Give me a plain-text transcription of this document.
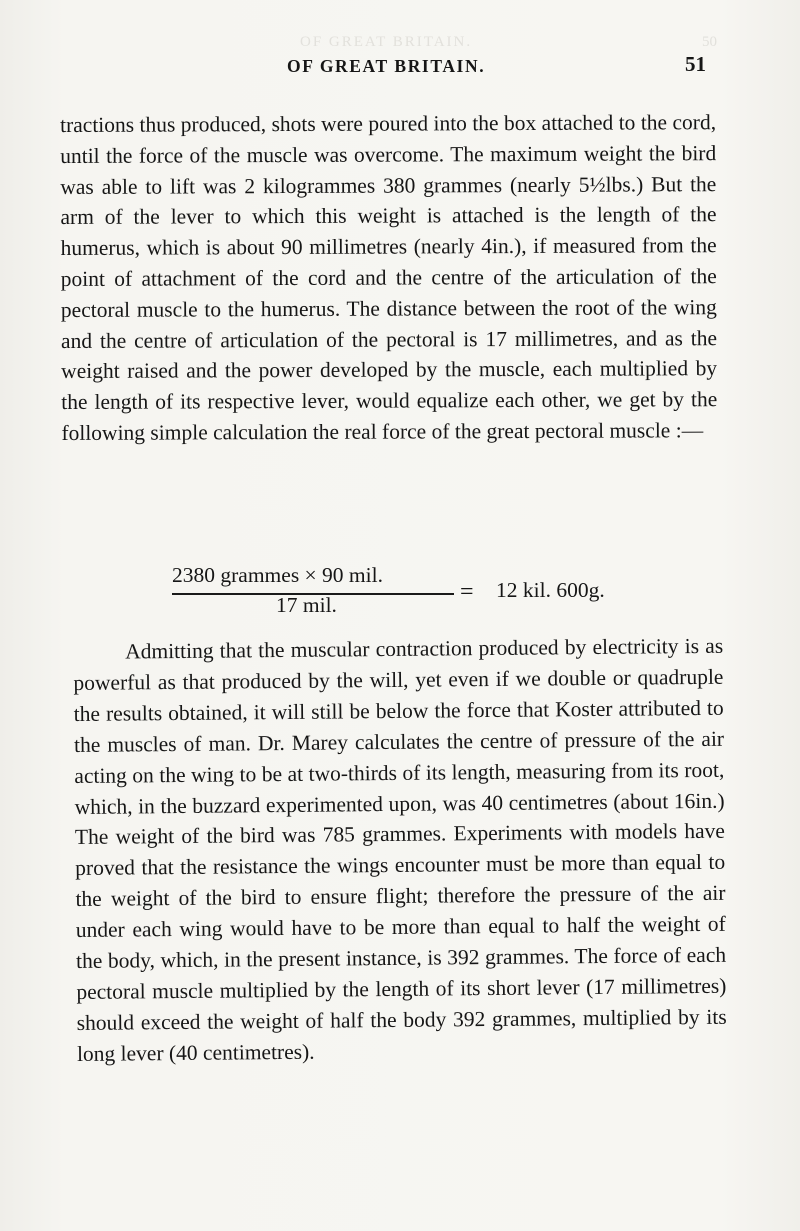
OF GREAT BRITAIN.	50
OF GREAT BRITAIN.	51

tractions thus produced, shots were poured into the box attached to the cord, until the force of the muscle was overcome. The maximum weight the bird was able to lift was 2 kilogrammes 380 grammes (nearly 5½lbs.) But the arm of the lever to which this weight is attached is the length of the humerus, which is about 90 millimetres (nearly 4in.), if measured from the point of attachment of the cord and the centre of the articulation of the pectoral muscle to the humerus. The distance between the root of the wing and the centre of articulation of the pectoral is 17 millimetres, and as the weight raised and the power developed by the muscle, each multiplied by the length of its respective lever, would equalize each other, we get by the following simple calculation the real force of the great pectoral muscle :—

2380 grammes × 90 mil.
17 mil.	= 12 kil. 600g.

Admitting that the muscular contraction produced by electricity is as powerful as that produced by the will, yet even if we double or quadruple the results obtained, it will still be below the force that Koster attributed to the muscles of man. Dr. Marey calculates the centre of pressure of the air acting on the wing to be at two-thirds of its length, measuring from its root, which, in the buzzard experimented upon, was 40 centimetres (about 16in.) The weight of the bird was 785 grammes. Experiments with models have proved that the resistance the wings encounter must be more than equal to the weight of the bird to ensure flight; therefore the pressure of the air under each wing would have to be more than equal to half the weight of the body, which, in the present instance, is 392 grammes. The force of each pectoral muscle multiplied by the length of its short lever (17 millimetres) should exceed the weight of half the body 392 grammes, multiplied by its long lever (40 centimetres).
